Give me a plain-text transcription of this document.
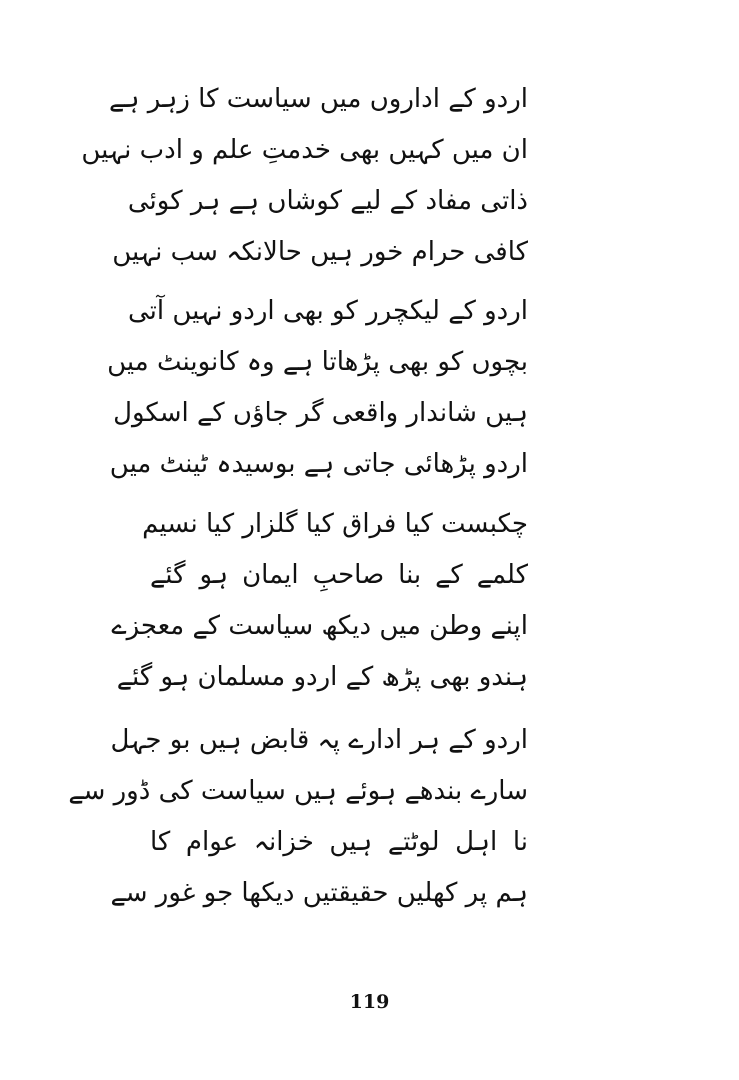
اردو کے اداروں میں سیاست کا زہر ہے
ان میں کہیں بھی خدمتِ علم و ادب نہیں
ذاتی مفاد کے لیے کوشاں ہے ہر کوئی
کافی حرام خور ہیں حالانکہ سب نہیں
اردو کے لیکچرر کو بھی اردو نہیں آتی
بچوں کو بھی پڑھاتا ہے وہ کانوینٹ میں
ہیں شاندار واقعی گر جاؤں کے اسکول
اردو پڑھائی جاتی ہے بوسیدہ ٹینٹ میں
چکبست کیا فراق کیا گلزار کیا نسیم
کلمے کے بنا صاحبِ ایمان ہو گئے
اپنے وطن میں دیکھ سیاست کے معجزے
ہندو بھی پڑھ کے اردو مسلمان ہو گئے
اردو کے ہر ادارے پہ قابض ہیں بو جہل
سارے بندھے ہوئے ہیں سیاست کی ڈور سے
نا اہل لوٹتے ہیں خزانہ عوام کا
ہم پر کھلیں حقیقتیں دیکھا جو غور سے
119
